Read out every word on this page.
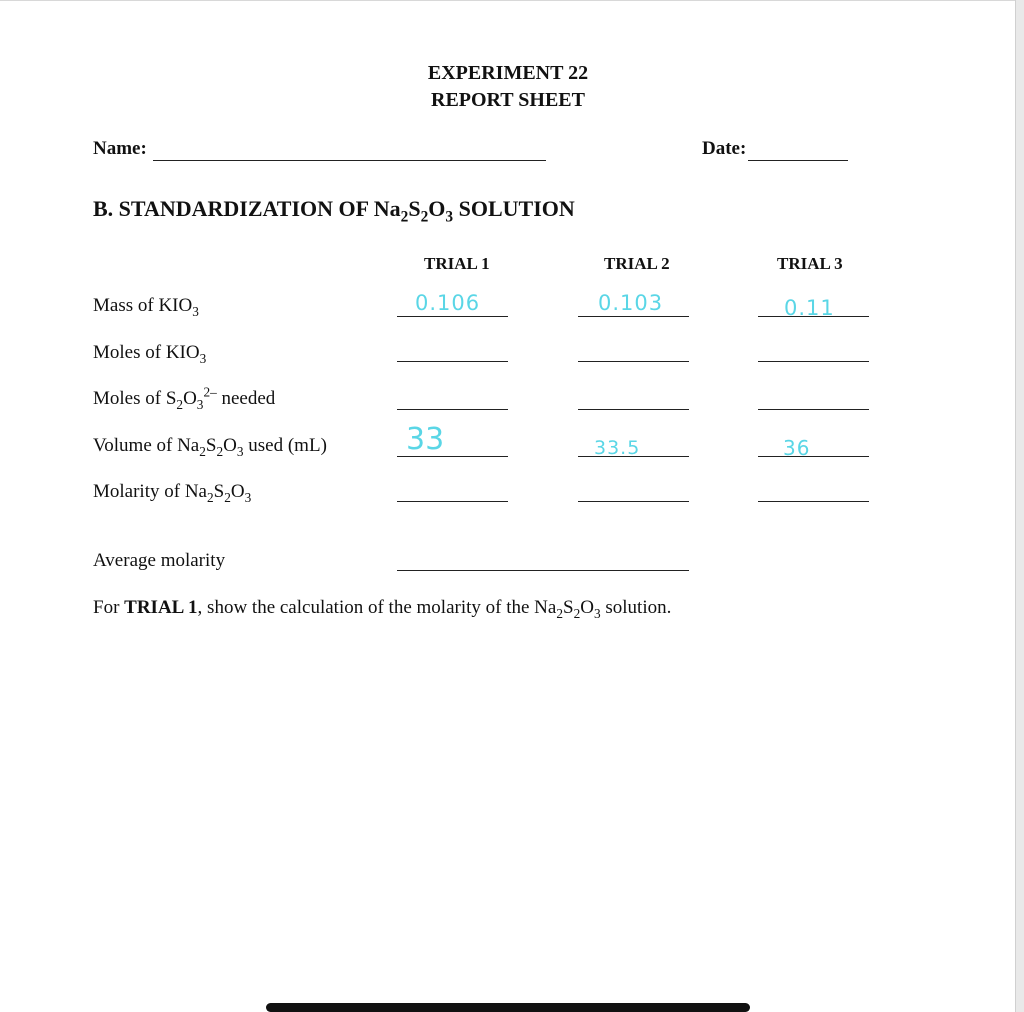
EXPERIMENT 22
REPORT SHEET
Name:	Date:
B. STANDARDIZATION OF $Na_2S_2O_3$ SOLUTION
TRIAL 1	TRIAL 2	TRIAL 3
Mass of $KIO_3$	0.106	0.103	0.11
Moles of $KIO_3$
Moles of $S_2O_3^{2-}$ needed
Volume of $Na_2S_2O_3$ used (mL)	33	33.5	36
Molarity of $Na_2S_2O_3$
Average molarity
For TRIAL 1, show the calculation of the molarity of the $Na_2S_2O_3$ solution.
